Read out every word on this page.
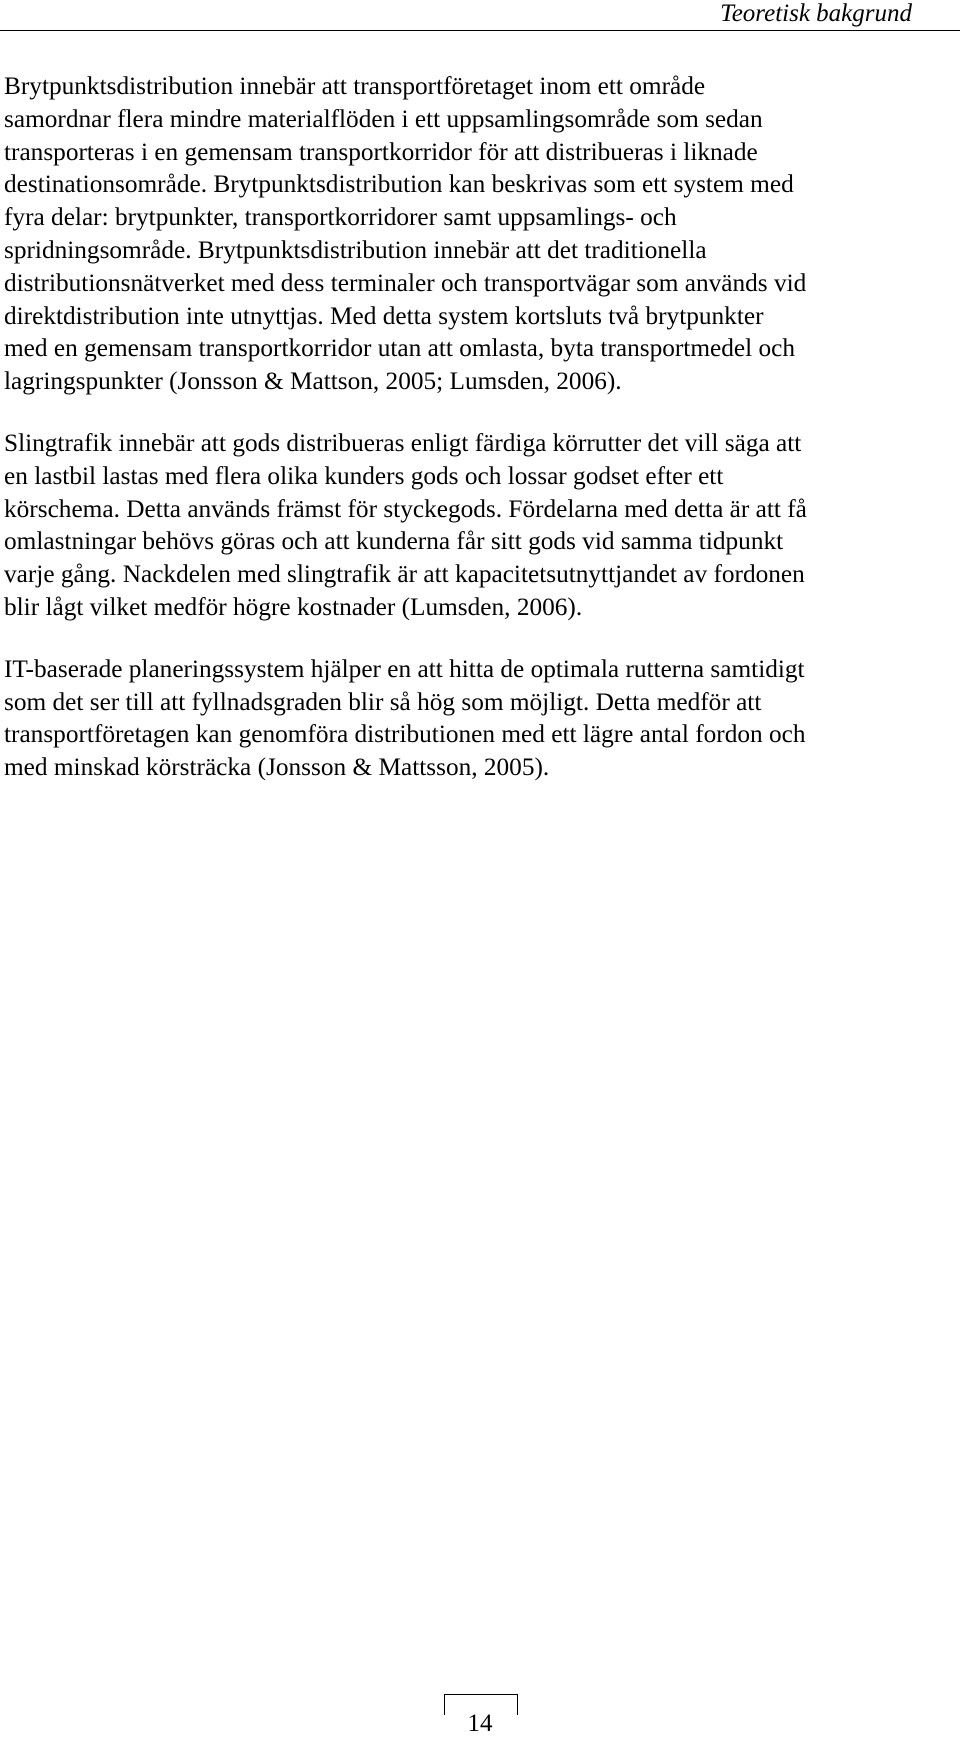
Teoretisk bakgrund

Brytpunktsdistribution innebär att transportföretaget inom ett område
samordnar flera mindre materialflöden i ett uppsamlingsområde som sedan
transporteras i en gemensam transportkorridor för att distribueras i liknade
destinationsområde. Brytpunktsdistribution kan beskrivas som ett system med
fyra delar: brytpunkter, transportkorridorer samt uppsamlings- och
spridningsområde. Brytpunktsdistribution innebär att det traditionella
distributionsnätverket med dess terminaler och transportvägar som används vid
direktdistribution inte utnyttjas. Med detta system kortsluts två brytpunkter
med en gemensam transportkorridor utan att omlasta, byta transportmedel och
lagringspunkter (Jonsson & Mattson, 2005; Lumsden, 2006).

Slingtrafik innebär att gods distribueras enligt färdiga körrutter det vill säga att
en lastbil lastas med flera olika kunders gods och lossar godset efter ett
körschema. Detta används främst för styckegods. Fördelarna med detta är att få
omlastningar behövs göras och att kunderna får sitt gods vid samma tidpunkt
varje gång. Nackdelen med slingtrafik är att kapacitetsutnyttjandet av fordonen
blir lågt vilket medför högre kostnader (Lumsden, 2006).

IT-baserade planeringssystem hjälper en att hitta de optimala rutterna samtidigt
som det ser till att fyllnadsgraden blir så hög som möjligt. Detta medför att
transportföretagen kan genomföra distributionen med ett lägre antal fordon och
med minskad körsträcka (Jonsson & Mattsson, 2005).

14
